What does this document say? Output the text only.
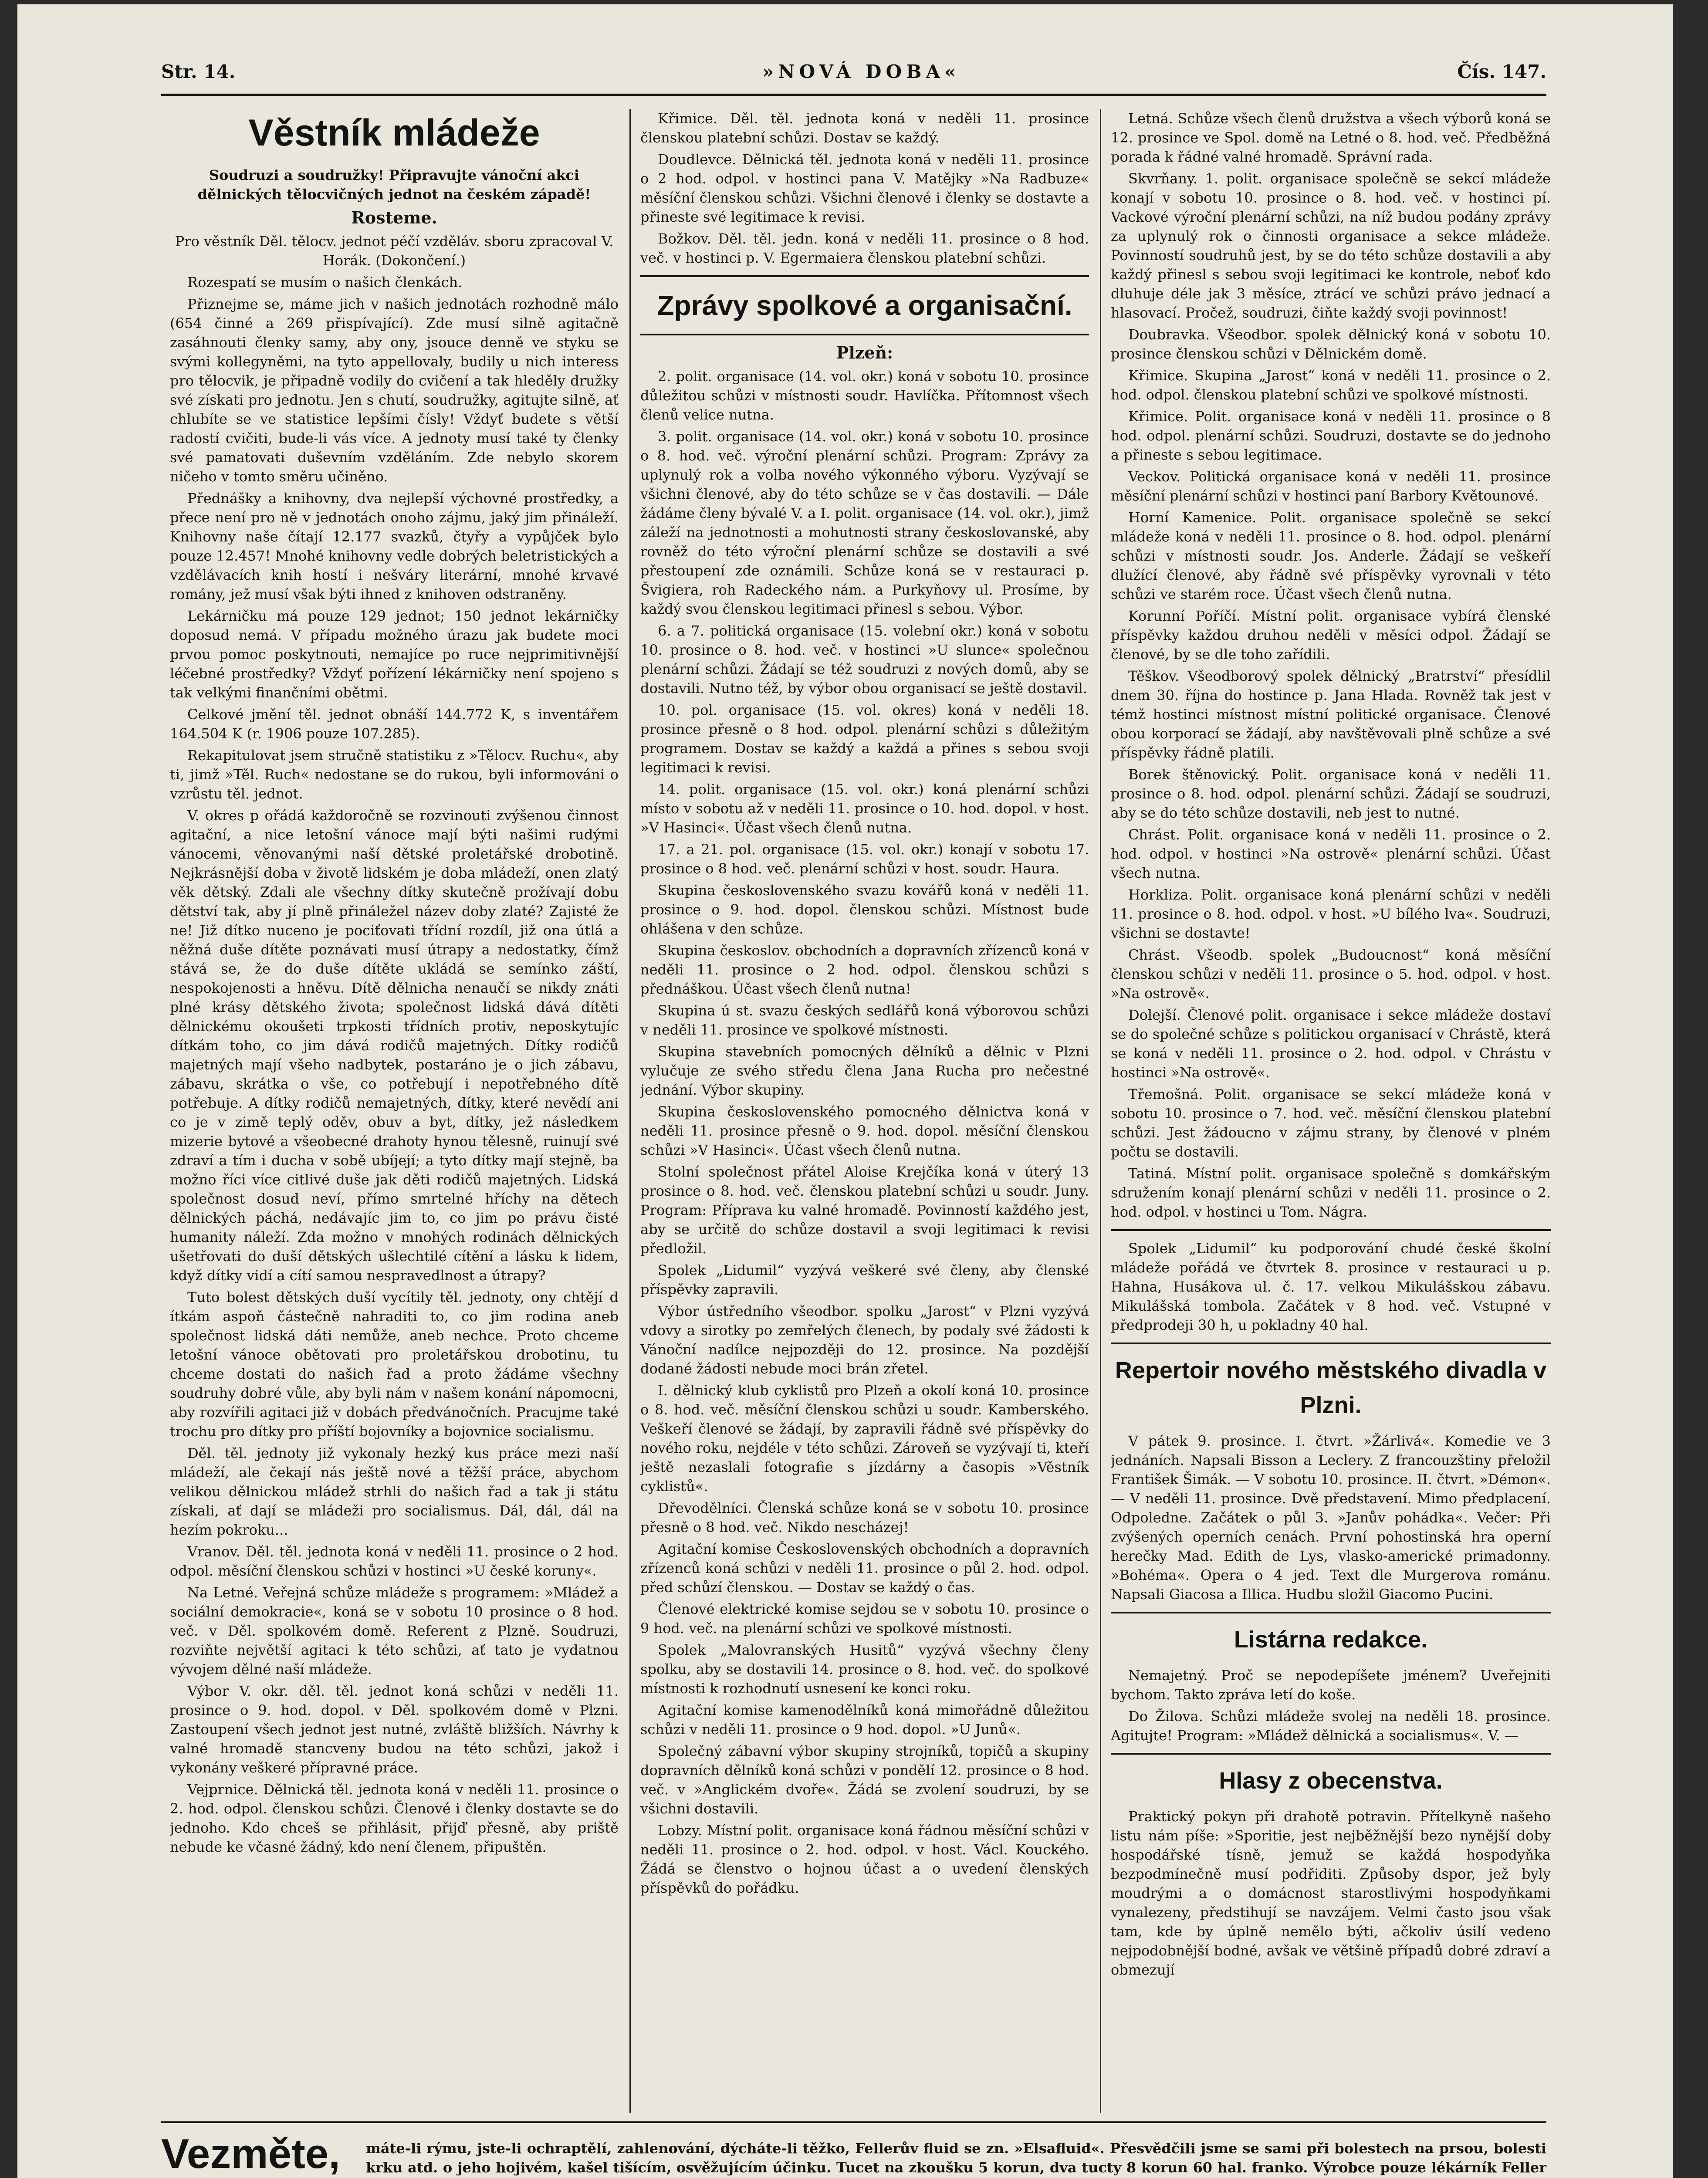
Str. 14.	»NOVÁ DOBA«	Čís. 147.
Věstník mládeže

Soudruzi a soudružky! Připravujte vánoční akci dělnických tělocvičných jednot na českém západě!

Rosteme.

Pro věstník Děl. tělocv. jednot péčí vzděláv. sboru zpracoval V. Horák. (Dokončení.)

Rozespatí se musím o našich členkách.

Přiznejme se, máme jich v našich jednotách rozhodně málo (654 činné a 269 přispívající). Zde musí silně agitačně zasáhnouti členky samy, aby ony, jsouce denně ve styku se svými kollegyněmi, na tyto appellovaly, budily u nich interess pro tělocvik, je připadně vodily do cvičení a tak hleděly družky své získati pro jednotu. Jen s chutí, soudružky, agitujte silně, ať chlubíte se ve statistice lepšími čísly! Vždyť budete s větší radostí cvičiti, bude-li vás více. A jednoty musí také ty členky své pamatovati duševním vzděláním. Zde nebylo skorem ničeho v tomto směru učiněno.

Přednášky a knihovny, dva nejlepší výchovné prostředky, a přece není pro ně v jednotách onoho zájmu, jaký jim přináleží. Knihovny naše čítají 12.177 svazků, čtyřy a vypůjček bylo pouze 12.457! Mnohé knihovny vedle dobrých beletristických a vzdělávacích knih hostí i nešváry literární, mnohé krvavé romány, jež musí však býti ihned z knihoven odstraněny.

Lekárničku má pouze 129 jednot; 150 jednot lekárničky doposud nemá. V případu možného úrazu jak budete moci prvou pomoc poskytnouti, nemajíce po ruce nejprimitivnější léčebné prostředky? Vždyť pořízení lékárničky není spojeno s tak velkými finančními obětmi.

Celkové jmění těl. jednot obnáší 144.772 K, s inventářem 164.504 K (r. 1906 pouze 107.285).

Rekapitulovat jsem stručně statistiku z »Tělocv. Ruchu«, aby ti, jimž »Těl. Ruch« nedostane se do rukou, byli informováni o vzrůstu těl. jednot.

V. okres p ořádá každoročně se rozvinouti zvýšenou činnost agitační, a nice letošní vánoce mají býti našimi rudými vánocemi, věnovanými naší dětské proletářské drobotině. Nejkrásnější doba v životě lidském je doba mládeží, onen zlatý věk dětský. Zdali ale všechny dítky skutečně prožívají dobu dětství tak, aby jí plně přináležel název doby zlaté? Zajisté že ne! Již dítko nuceno je pociťovati třídní rozdíl, již ona útlá a něžná duše dítěte poznávati musí útrapy a nedostatky, čímž stává se, že do duše dítěte ukládá se semínko záští, nespokojenosti a hněvu. Dítě dělnicha nenaučí se nikdy znáti plné krásy dětského života; společnost lidská dává dítěti dělnickému okoušeti trpkosti třídních protiv, neposkytujíc dítkám toho, co jim dává rodičů majetných. Dítky rodičů majetných mají všeho nadbytek, postaráno je o jich zábavu, zábavu, skrátka o vše, co potřebují i nepotřebného dítě potřebuje. A dítky rodičů nemajetných, dítky, které nevědí ani co je v zimě teplý oděv, obuv a byt, dítky, jež následkem mizerie bytové a všeobecné drahoty hynou tělesně, ruinují své zdraví a tím i ducha v sobě ubíjejí; a tyto dítky mají stejně, ba možno říci více citlivé duše jak děti rodičů majetných. Lidská společnost dosud neví, přímo smrtelné hříchy na dětech dělnických páchá, nedávajíc jim to, co jim po právu čisté humanity náleží. Zda možno v mnohých rodinách dělnických ušetřovati do duší dětských ušlechtilé cítění a lásku k lidem, když dítky vidí a cítí samou nespravedlnost a útrapy?

Tuto bolest dětských duší vycítily těl. jednoty, ony chtějí d ítkám aspoň částečně nahraditi to, co jim rodina aneb společnost lidská dáti nemůže, aneb nechce. Proto chceme letošní vánoce obětovati pro proletářskou drobotinu, tu chceme dostati do našich řad a proto žádáme všechny soudruhy dobré vůle, aby byli nám v našem konání nápomocni, aby rozvířili agitaci již v dobách předvánočních. Pracujme také trochu pro dítky pro příští bojovníky a bojovnice socialismu.

Děl. těl. jednoty již vykonaly hezký kus práce mezi naší mládeží, ale čekají nás ještě nové a těžší práce, abychom velikou dělnickou mládež strhli do našich řad a tak ji státu získali, ať dají se mládeži pro socialismus. Dál, dál, dál na hezím pokroku...

Vranov. Děl. těl. jednota koná v neděli 11. prosince o 2 hod. odpol. měsíční členskou schůzi v hostinci »U české koruny«.

Na Letné. Veřejná schůze mládeže s programem: »Mládež a sociální demokracie«, koná se v sobotu 10 prosince o 8 hod. več. v Děl. spolkovém domě. Referent z Plzně. Soudruzi, rozviňte největší agitaci k této schůzi, ať tato je vydatnou vývojem dělné naší mládeže.

Výbor V. okr. děl. těl. jednot koná schůzi v neděli 11. prosince o 9. hod. dopol. v Děl. spolkovém domě v Plzni. Zastoupení všech jednot jest nutné, zvláště bližších. Návrhy k valné hromadě stancveny budou na této schůzi, jakož i vykonány veškeré přípravné práce.

Vejprnice. Dělnická těl. jednota koná v neděli 11. prosince o 2. hod. odpol. členskou schůzi. Členové i členky dostavte se do jednoho. Kdo chceš se přihlásit, přijď přesně, aby priště nebude ke včasné žádný, kdo není členem, připuštěn.

Křimice. Děl. těl. jednota koná v neděli 11. prosince členskou platební schůzi. Dostav se každý.

Doudlevce. Dělnická těl. jednota koná v neděli 11. prosince o 2 hod. odpol. v hostinci pana V. Matějky »Na Radbuze« měsíční členskou schůzi. Všichni členové i členky se dostavte a přineste své legitimace k revisi.

Božkov. Děl. těl. jedn. koná v neděli 11. prosince o 8 hod. več. v hostinci p. V. Egermaiera členskou platební schůzi.

Zprávy spolkové a organisační.
Plzeň:

2. polit. organisace (14. vol. okr.) koná v sobotu 10. prosince důležitou schůzi v místnosti soudr. Havlíčka. Přítomnost všech členů velice nutna.

3. polit. organisace (14. vol. okr.) koná v sobotu 10. prosince o 8. hod. več. výroční plenární schůzi. Program: Zprávy za uplynulý rok a volba nového výkonného výboru. Vyzývají se všichni členové, aby do této schůze se v čas dostavili. — Dále žádáme členy bývalé V. a I. polit. organisace (14. vol. okr.), jimž záleží na jednotnosti a mohutnosti strany českoslovanské, aby rovněž do této výroční plenární schůze se dostavili a své přestoupení zde oznámili. Schůze koná se v restauraci p. Švigiera, roh Radeckého nám. a Purkyňovy ul. Prosíme, by každý svou členskou legitimaci přinesl s sebou. Výbor.

6. a 7. politická organisace (15. volební okr.) koná v sobotu 10. prosince o 8. hod. več. v hostinci »U slunce« společnou plenární schůzi. Žádají se též soudruzi z nových domů, aby se dostavili. Nutno též, by výbor obou organisací se ještě dostavil.

10. pol. organisace (15. vol. okres) koná v neděli 18. prosince přesně o 8 hod. odpol. plenární schůzi s důležitým programem. Dostav se každý a každá a přines s sebou svoji legitimaci k revisi.

14. polit. organisace (15. vol. okr.) koná plenární schůzi místo v sobotu až v neděli 11. prosince o 10. hod. dopol. v host. »V Hasinci«. Účast všech členů nutna.

17. a 21. pol. organisace (15. vol. okr.) konají v sobotu 17. prosince o 8 hod. več. plenární schůzi v host. soudr. Haura.

Skupina československého svazu kovářů koná v neděli 11. prosince o 9. hod. dopol. členskou schůzi. Místnost bude ohlášena v den schůze.

Skupina českoslov. obchodních a dopravních zřízenců koná v neděli 11. prosince o 2 hod. odpol. členskou schůzi s přednáškou. Účast všech členů nutna!

Skupina ú st. svazu českých sedlářů koná výborovou schůzi v neděli 11. prosince ve spolkové místnosti.

Skupina stavebních pomocných dělníků a dělnic v Plzni vylučuje ze svého středu člena Jana Rucha pro nečestné jednání. Výbor skupiny.

Skupina československého pomocného dělnictva koná v neděli 11. prosince přesně o 9. hod. dopol. měsíční členskou schůzi »V Hasinci«. Účast všech členů nutna.

Stolní společnost přátel Aloise Krejčíka koná v úterý 13 prosince o 8. hod. več. členskou platební schůzi u soudr. Juny. Program: Příprava ku valné hromadě. Povinností každého jest, aby se určitě do schůze dostavil a svoji legitimaci k revisi předložil.

Spolek „Lidumil“ vyzývá veškeré své členy, aby členské příspěvky zapravili.

Výbor ústředního všeodbor. spolku „Jarost“ v Plzni vyzývá vdovy a sirotky po zemřelých členech, by podaly své žádosti k Vánoční nadílce nejpozději do 12. prosince. Na pozdější dodané žádosti nebude moci brán zřetel.

I. dělnický klub cyklistů pro Plzeň a okolí koná 10. prosince o 8. hod. več. měsíční členskou schůzi u soudr. Kamberského. Veškeří členové se žádají, by zapravili řádně své příspěvky do nového roku, nejdéle v této schůzi. Zároveň se vyzývají ti, kteří ještě nezaslali fotografie s jízdárny a časopis »Věstník cyklistů«.

Dřevodělníci. Členská schůze koná se v sobotu 10. prosince přesně o 8 hod. več. Nikdo nescházej!

Agitační komise Československých obchodních a dopravních zřízenců koná schůzi v neděli 11. prosince o půl 2. hod. odpol. před schůzí členskou. — Dostav se každý o čas.

Členové elektrické komise sejdou se v sobotu 10. prosince o 9 hod. več. na plenární schůzi ve spolkové místnosti.

Spolek „Malovranských Husitů“ vyzývá všechny členy spolku, aby se dostavili 14. prosince o 8. hod. več. do spolkové místnosti k rozhodnutí usnesení ke konci roku.

Agitační komise kamenodělníků koná mimořádně důležitou schůzi v neděli 11. prosince o 9 hod. dopol. »U Junů«.

Společný zábavní výbor skupiny strojníků, topičů a skupiny dopravních dělníků koná schůzi v pondělí 12. prosince o 8 hod. več. v »Anglickém dvoře«. Žádá se zvolení soudruzi, by se všichni dostavili.

Lobzy. Místní polit. organisace koná řádnou měsíční schůzi v neděli 11. prosince o 2. hod. odpol. v host. Václ. Kouckého. Žádá se členstvo o hojnou účast a o uvedení členských příspěvků do pořádku.

Letná. Schůze všech členů družstva a všech výborů koná se 12. prosince ve Spol. domě na Letné o 8. hod. več. Předběžná porada k řádné valné hromadě. Správní rada.

Skvrňany. 1. polit. organisace společně se sekcí mládeže konají v sobotu 10. prosince o 8. hod. več. v hostinci pí. Vackové výroční plenární schůzi, na níž budou podány zprávy za uplynulý rok o činnosti organisace a sekce mládeže. Povinností soudruhů jest, by se do této schůze dostavili a aby každý přinesl s sebou svoji legitimaci ke kontrole, neboť kdo dluhuje déle jak 3 měsíce, ztrácí ve schůzi právo jednací a hlasovací. Pročež, soudruzi, čiňte každý svoji povinnost!

Doubravka. Všeodbor. spolek dělnický koná v sobotu 10. prosince členskou schůzi v Dělnickém domě.

Křimice. Skupina „Jarost“ koná v neděli 11. prosince o 2. hod. odpol. členskou platební schůzi ve spolkové místnosti.

Křimice. Polit. organisace koná v neděli 11. prosince o 8 hod. odpol. plenární schůzi. Soudruzi, dostavte se do jednoho a přineste s sebou legitimace.

Veckov. Politická organisace koná v neděli 11. prosince měsíční plenární schůzi v hostinci paní Barbory Květounové.

Horní Kamenice. Polit. organisace společně se sekcí mládeže koná v neděli 11. prosince o 8. hod. odpol. plenární schůzi v místnosti soudr. Jos. Anderle. Žádají se veškeří dlužící členové, aby řádně své příspěvky vyrovnali v této schůzi ve starém roce. Účast všech členů nutna.

Korunní Poříčí. Místní polit. organisace vybírá členské příspěvky každou druhou neděli v měsíci odpol. Žádají se členové, by se dle toho zařídili.

Těškov. Všeodborový spolek dělnický „Bratrství“ přesídlil dnem 30. října do hostince p. Jana Hlada. Rovněž tak jest v témž hostinci místnost místní politické organisace. Členové obou korporací se žádají, aby navštěvovali plně schůze a své příspěvky řádně platili.

Borek štěnovický. Polit. organisace koná v neděli 11. prosince o 8. hod. odpol. plenární schůzi. Žádají se soudruzi, aby se do této schůze dostavili, neb jest to nutné.

Chrást. Polit. organisace koná v neděli 11. prosince o 2. hod. odpol. v hostinci »Na ostrově« plenární schůzi. Účast všech nutna.

Horkliza. Polit. organisace koná plenární schůzi v neděli 11. prosince o 8. hod. odpol. v host. »U bílého lva«. Soudruzi, všichni se dostavte!

Chrást. Všeodb. spolek „Budoucnost“ koná měsíční členskou schůzi v neděli 11. prosince o 5. hod. odpol. v host. »Na ostrově«.

Dolejší. Členové polit. organisace i sekce mládeže dostaví se do společné schůze s politickou organisací v Chrástě, která se koná v neděli 11. prosince o 2. hod. odpol. v Chrástu v hostinci »Na ostrově«.

Třemošná. Polit. organisace se sekcí mládeže koná v sobotu 10. prosince o 7. hod. več. měsíční členskou platební schůzi. Jest žádoucno v zájmu strany, by členové v plném počtu se dostavili.

Tatiná. Místní polit. organisace společně s domkářským sdružením konají plenární schůzi v neděli 11. prosince o 2. hod. odpol. v hostinci u Tom. Nágra.

Spolek „Lidumil“ ku podporování chudé české školní mládeže pořádá ve čtvrtek 8. prosince v restauraci u p. Hahna, Husákova ul. č. 17. velkou Mikulášskou zábavu. Mikulášská tombola. Začátek v 8 hod. več. Vstupné v předprodeji 30 h, u pokladny 40 hal.

Repertoir nového městského divadla v Plzni.

V pátek 9. prosince. I. čtvrt. »Žárlivá«. Komedie ve 3 jednáních. Napsali Bisson a Leclery. Z francouzštiny přeložil František Šimák. — V sobotu 10. prosince. II. čtvrt. »Démon«. — V neděli 11. prosince. Dvě představení. Mimo předplacení. Odpoledne. Začátek o půl 3. »Janův pohádka«. Večer: Při zvýšených operních cenách. První pohostinská hra operní herečky Mad. Edith de Lys, vlasko-americké primadonny. »Bohéma«. Opera o 4 jed. Text dle Murgerova románu. Napsali Giacosa a Illica. Hudbu složil Giacomo Pucini.

Listárna redakce.

Nemajetný. Proč se nepodepíšete jménem? Uveřejniti bychom. Takto zpráva letí do koše.

Do Žilova. Schůzi mládeže svolej na neděli 18. prosince. Agitujte! Program: »Mládež dělnická a socialismus«. V. —

Hlasy z obecenstva.

Praktický pokyn při drahotě potravin. Přítelkyně našeho listu nám píše: »Sporitie, jest nejběžnější bezo nynější doby hospodářské tísně, jemuž se každá hospodyňka bezpodmínečně musí podřiditi. Způsoby dspor, jež byly moudrými a o domácnost starostlivými hospodyňkami vynalezeny, předstihují se navzájem. Velmi často jsou však tam, kde by úplně nemělo býti, ačkoliv úsilí vedeno nejpodobnější bodné, avšak ve většině případů dobré zdraví a obmezují

Vezměte, máte-li rýmu, jste-li ochraptělí, zahlenování, dýcháte-li těžko, Fellerův fluid se zn. »Elsafluid«. Přesvědčili jsme se sami při bolestech na prsou, bolesti krku atd. o jeho hojivém, kašel tišícím, osvěžujícím účinku. Tucet na zkoušku 5 korun, dva tucty 8 korun 60 hal. franko. Výrobce pouze lékárník Feller
